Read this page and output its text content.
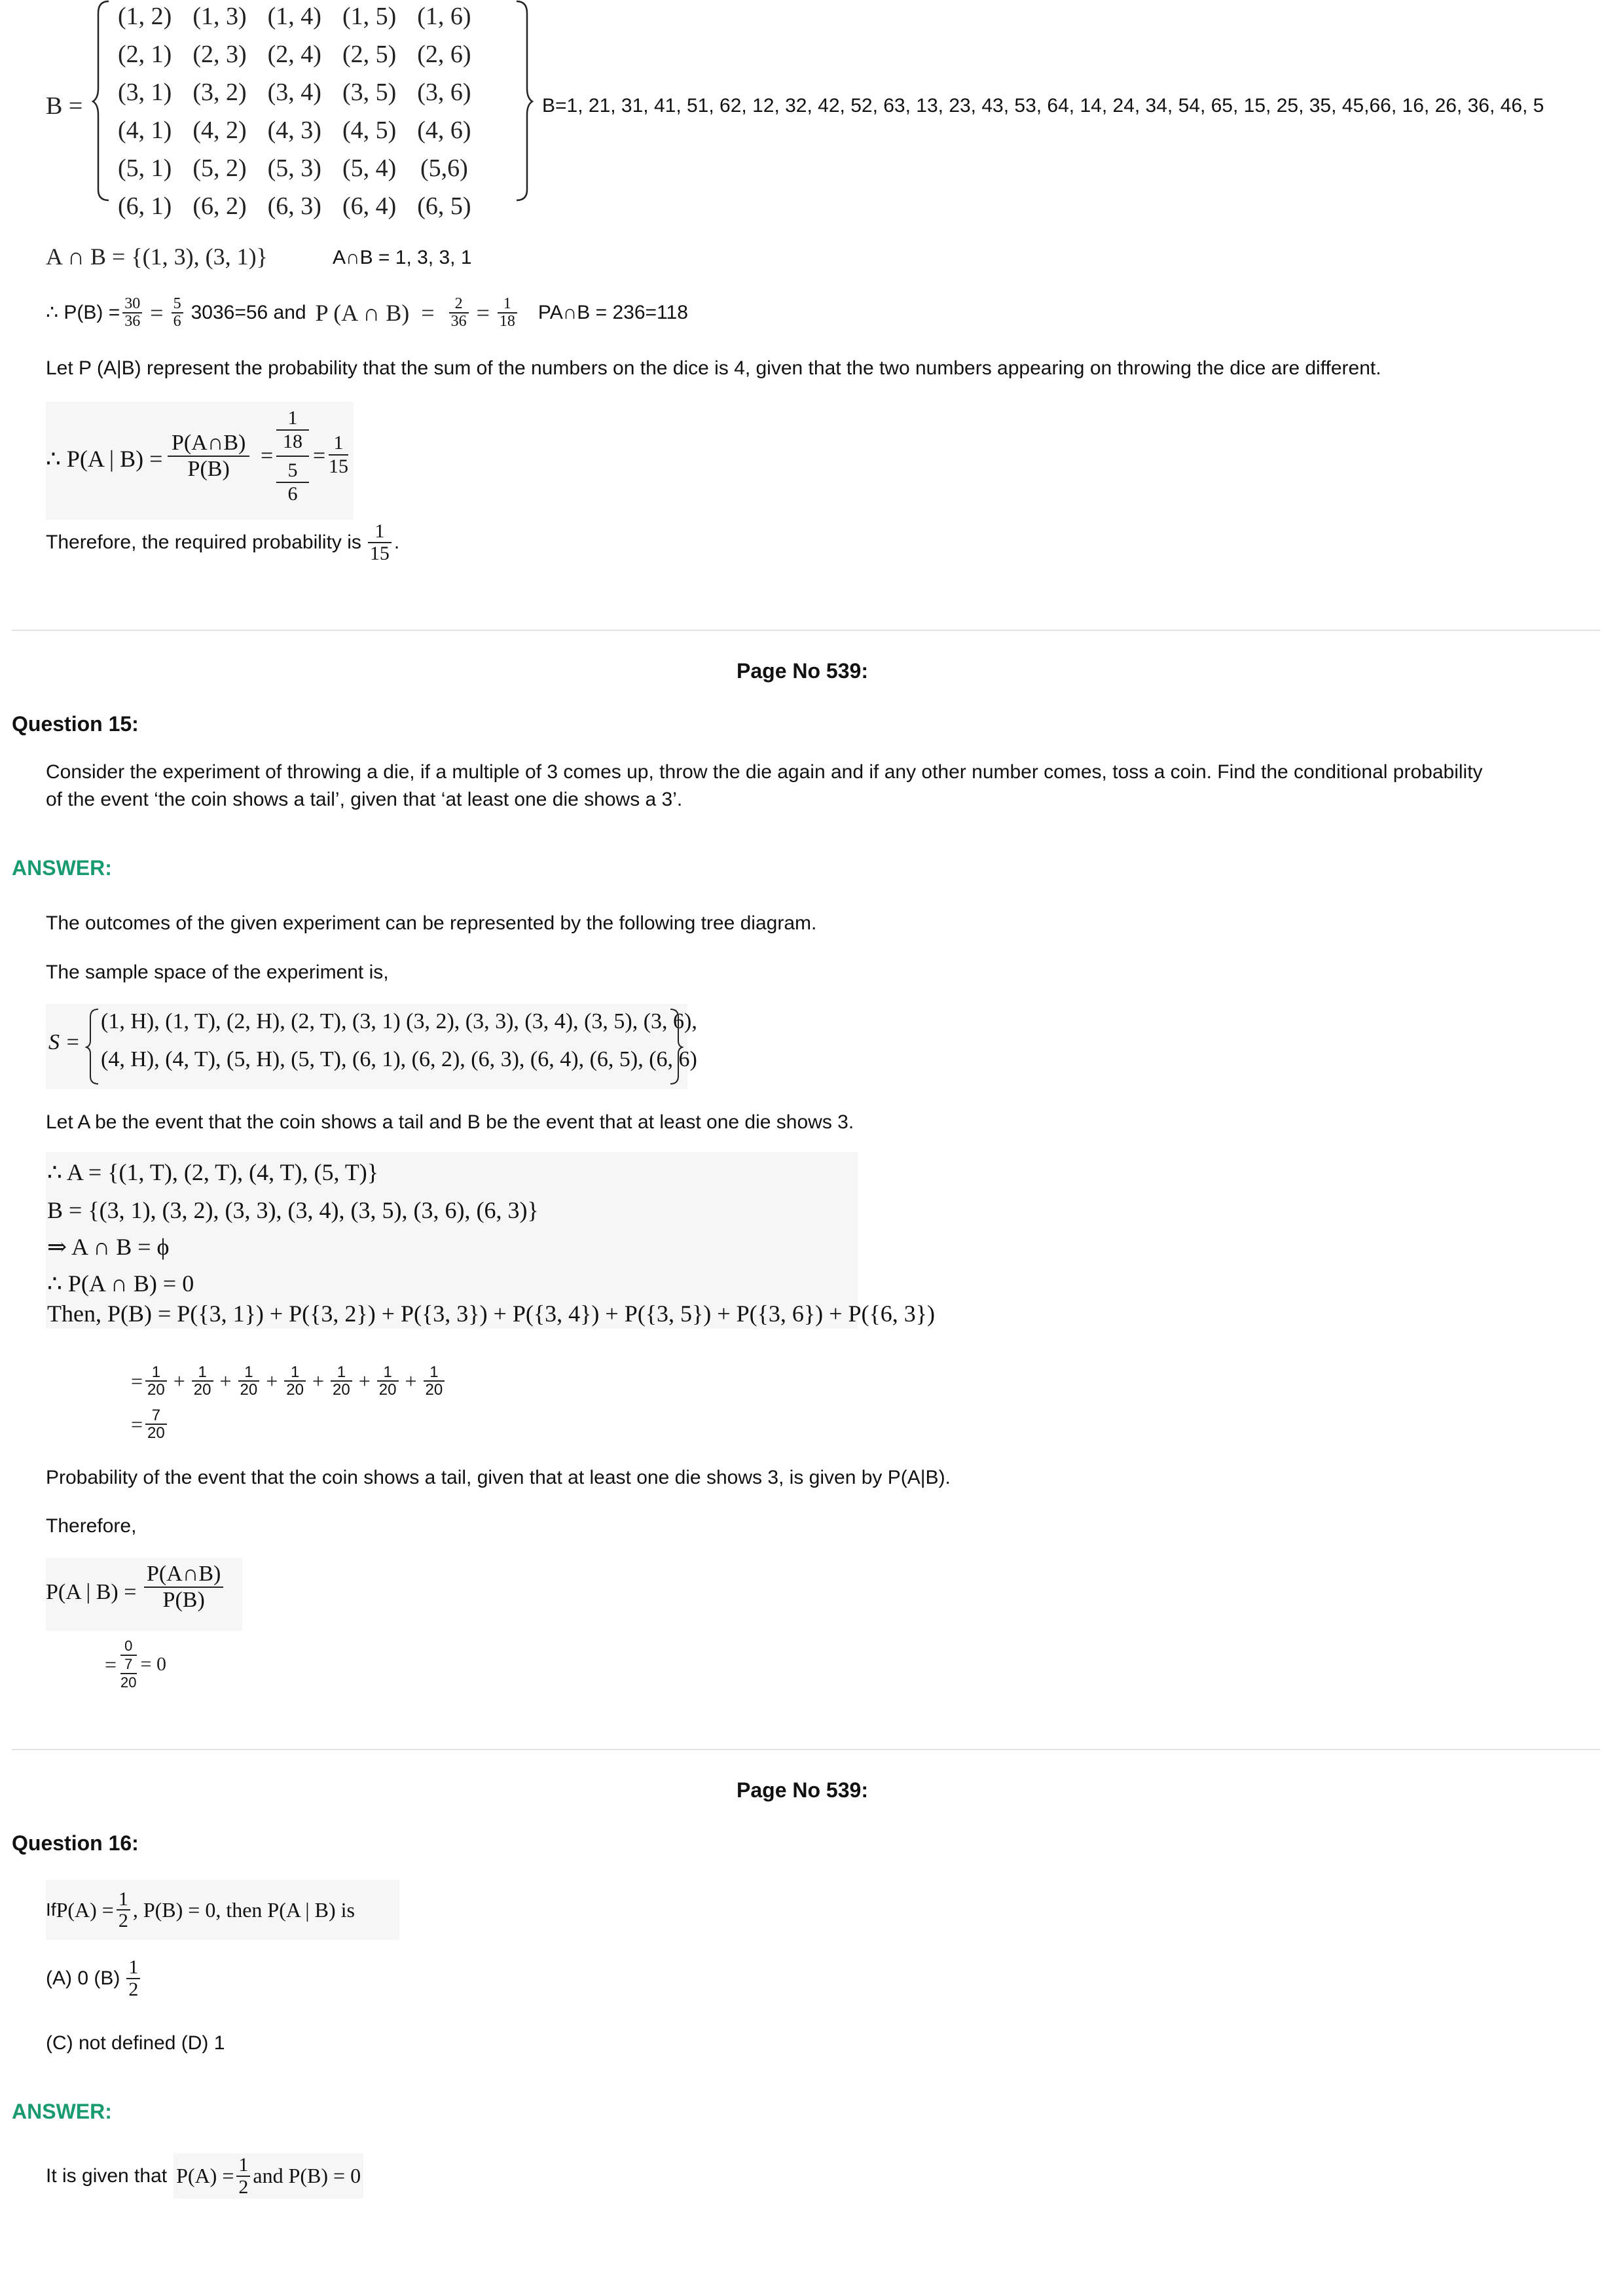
B =
(1, 2)	(1, 3)	(1, 4)	(1, 5)	(1, 6)
(2, 1)	(2, 3)	(2, 4)	(2, 5)	(2, 6)
(3, 1)	(3, 2)	(3, 4)	(3, 5)	(3, 6)
(4, 1)	(4, 2)	(4, 3)	(4, 5)	(4, 6)
(5, 1)	(5, 2)	(5, 3)	(5, 4)	(5,6)
(6, 1)	(6, 2)	(6, 3)	(6, 4)	(6, 5)
B=1, 21, 31, 41, 51, 62, 12, 32, 42, 52, 63, 13, 23, 43, 53, 64, 14, 24, 34, 54, 65, 15, 25, 35, 45,66, 16, 26, 36, 46, 5
A ∩ B = {(1, 3), (3, 1)}	A∩B = 1, 3, 3, 1
∴ $P(B) = \frac{30}{36} = \frac{5}{6} 3036=56$ and P (A ∩ $B) = \frac{2}{36} = \frac{1}{18}$ PA∩B = 236=118
Let P (A|B) represent the probability that the sum of the numbers on the dice is 4, given that the two numbers appearing on throwing the dice are different.
∴ P(A | $B) = \frac{P(A\cap B)}{P(B)}$ =
1
18
5
6
= $\frac{1}{15}$
Therefore, the required probability is $\frac{1}{15}$ .
Page No 539:
Question 15:
Consider the experiment of throwing a die, if a multiple of 3 comes up, throw the die again and if any other number comes, toss a coin. Find the conditional probability
of the event ‘the coin shows a tail’, given that ‘at least one die shows a 3’.
ANSWER:
The outcomes of the given experiment can be represented by the following tree diagram.
The sample space of the experiment is,
S =
(1, H), (1, T), (2, H), (2, T), (3, 1) (3, 2), (3, 3), (3, 4), (3, 5), (3, 6),
(4, H), (4, T), (5, H), (5, T), (6, 1), (6, 2), (6, 3), (6, 4), (6, 5), (6, 6)
Let A be the event that the coin shows a tail and B be the event that at least one die shows 3.
∴ A = {(1, T), (2, T), (4, T), (5, T)}
B = {(3, 1), (3, 2), (3, 3), (3, 4), (3, 5), (3, 6), (6, 3)}
⇒ A ∩ B = ϕ
∴ P(A ∩ B) = 0
Then, P(B) = P({3, 1}) + P({3, 2}) + P({3, 3}) + P({3, 4}) + P({3, 5}) + P({3, 6}) + P({6, 3})
= $\frac{1}{20} + \frac{1}{20} + \frac{1}{20} + \frac{1}{20} + \frac{1}{20} + \frac{1}{20} + \frac{1}{20}$
= $\frac{7}{20}$
Probability of the event that the coin shows a tail, given that at least one die shows 3, is given by P(A|B).
Therefore,
P(A | $B) = \frac{P(A\cap B)}{P(B)}$
=
0
7
20
= 0
Page No 539:
Question 16:
If $P(A) = \frac{1}{2}$ , P(B) = 0, then P(A | B) is
(A) 0 $(B) \frac{1}{2}$
(C) not defined (D) 1
ANSWER:
It is given that $P(A) = \frac{1}{2}$ and P(B) = 0
